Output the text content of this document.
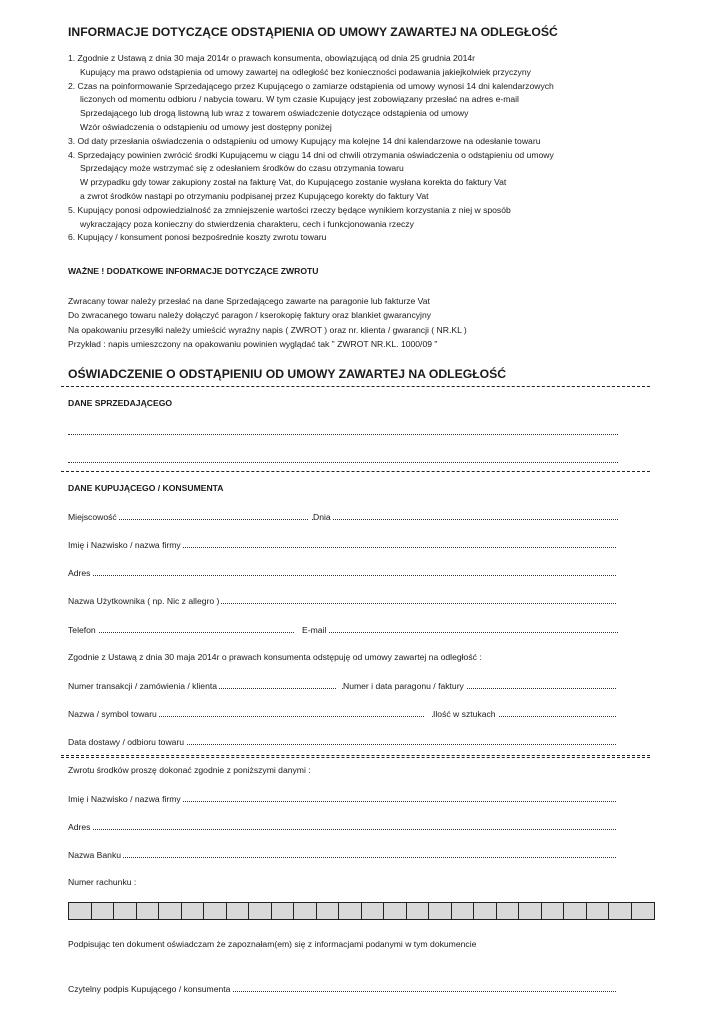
INFORMACJE DOTYCZĄCE ODSTĄPIENIA OD UMOWY ZAWARTEJ NA ODLEGŁOŚĆ
1. Zgodnie z Ustawą z dnia 30 maja 2014r o prawach konsumenta, obowiązującą od dnia 25 grudnia 2014r
Kupujący ma prawo odstąpienia od umowy zawartej na odległość bez konieczności podawania jakiejkolwiek przyczyny
2. Czas na poinformowanie Sprzedającego przez Kupującego o zamiarze odstąpienia od umowy wynosi 14 dni kalendarzowych
liczonych od momentu odbioru / nabycia towaru. W tym czasie Kupujący jest zobowiązany przesłać na adres e-mail
Sprzedającego lub drogą listowną lub wraz z towarem oświadczenie dotyczące odstąpienia od umowy
Wzór oświadczenia o odstąpieniu od umowy jest dostępny poniżej
3. Od daty przesłania oświadczenia o odstąpieniu od umowy Kupujący ma kolejne 14 dni kalendarzowe na odesłanie towaru
4. Sprzedający powinien zwrócić środki Kupującemu w ciągu 14 dni od chwili otrzymania oświadczenia o odstąpieniu od umowy
Sprzedający może wstrzymać się z odesłaniem środków do czasu otrzymania towaru
W przypadku gdy towar zakupiony został na fakturę Vat, do Kupującego zostanie wysłana korekta do faktury Vat
a zwrot środków nastąpi po otrzymaniu podpisanej przez Kupującego korekty do faktury Vat
5. Kupujący ponosi odpowiedzialność za zmniejszenie wartości rzeczy będące wynikiem korzystania z niej w sposób
wykraczający poza konieczny do stwierdzenia charakteru, cech i funkcjonowania rzeczy
6. Kupujący / konsument ponosi bezpośrednie koszty zwrotu towaru
WAŻNE ! DODATKOWE INFORMACJE DOTYCZĄCE ZWROTU
Zwracany towar należy przesłać na dane Sprzedającego zawarte na paragonie lub fakturze Vat
Do zwracanego towaru należy dołączyć paragon / kserokopię faktury oraz blankiet gwarancyjny
Na opakowaniu przesyłki należy umieścić wyraźny napis ( ZWROT ) oraz nr. klienta / gwarancji ( NR.KL )
Przykład : napis umieszczony na opakowaniu powinien wyglądać tak " ZWROT NR.KL. 1000/09 "
OŚWIADCZENIE O ODSTĄPIENIU OD UMOWY ZAWARTEJ NA ODLEGŁOŚĆ
DANE SPRZEDAJĄCEGO
DANE KUPUJĄCEGO / KONSUMENTA
Miejscowość	Dnia
Imię i Nazwisko / nazwa firmy
Adres
Nazwa Użytkownika ( np. Nic z allegro )
Telefon	E-mail
Zgodnie z Ustawą z dnia 30 maja 2014r o prawach konsumenta odstępuję od umowy zawartej na odległość :
Numer transakcji / zamówienia / klienta	Numer i data paragonu / faktury
Nazwa / symbol towaru	Ilość w sztukach
Data dostawy / odbioru towaru
Zwrotu środków proszę dokonać zgodnie z poniższymi danymi :
Imię i Nazwisko / nazwa firmy
Adres
Nazwa Banku
Numer rachunku :
Podpisując ten dokument oświadczam że zapoznałam(em) się z informacjami podanymi w tym dokumencie
Czytelny podpis Kupującego / konsumenta
